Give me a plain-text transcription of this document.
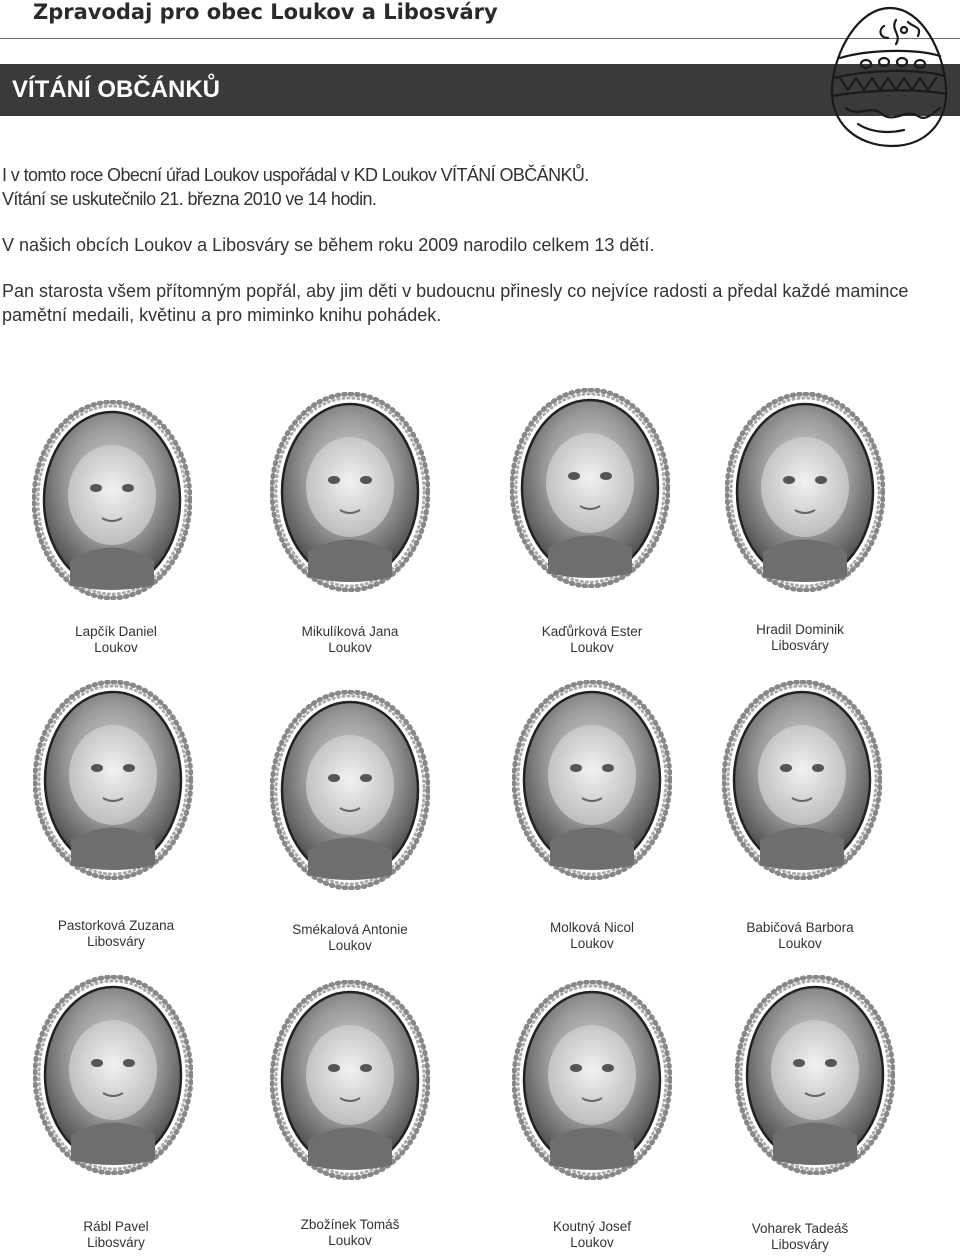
Zpravodaj pro obec Loukov a Libosváry
VÍTÁNÍ OBČÁNKŮ
I v tomto roce Obecní úřad Loukov uspořádal v KD Loukov VÍTÁNÍ OBČÁNKŮ.
Vítání se uskutečnilo 21. března 2010 ve 14 hodin.
V našich obcích Loukov a Libosváry se během roku 2009 narodilo celkem 13 dětí.
Pan starosta všem přítomným popřál, aby jim děti v budoucnu přinesly co nejvíce radosti a předal každé mamince pamětní medaili, květinu a pro miminko knihu pohádek.
Lapčík Daniel
Loukov
Mikulíková Jana
Loukov
Kaďůrková Ester
Loukov
Hradil Dominik
Libosváry
Pastorková Zuzana
Libosváry
Smékalová Antonie
Loukov
Molková Nicol
Loukov
Babičová Barbora
Loukov
Rábl Pavel
Libosváry
Zbožínek Tomáš
Loukov
Koutný Josef
Loukov
Voharek Tadeáš
Libosváry
